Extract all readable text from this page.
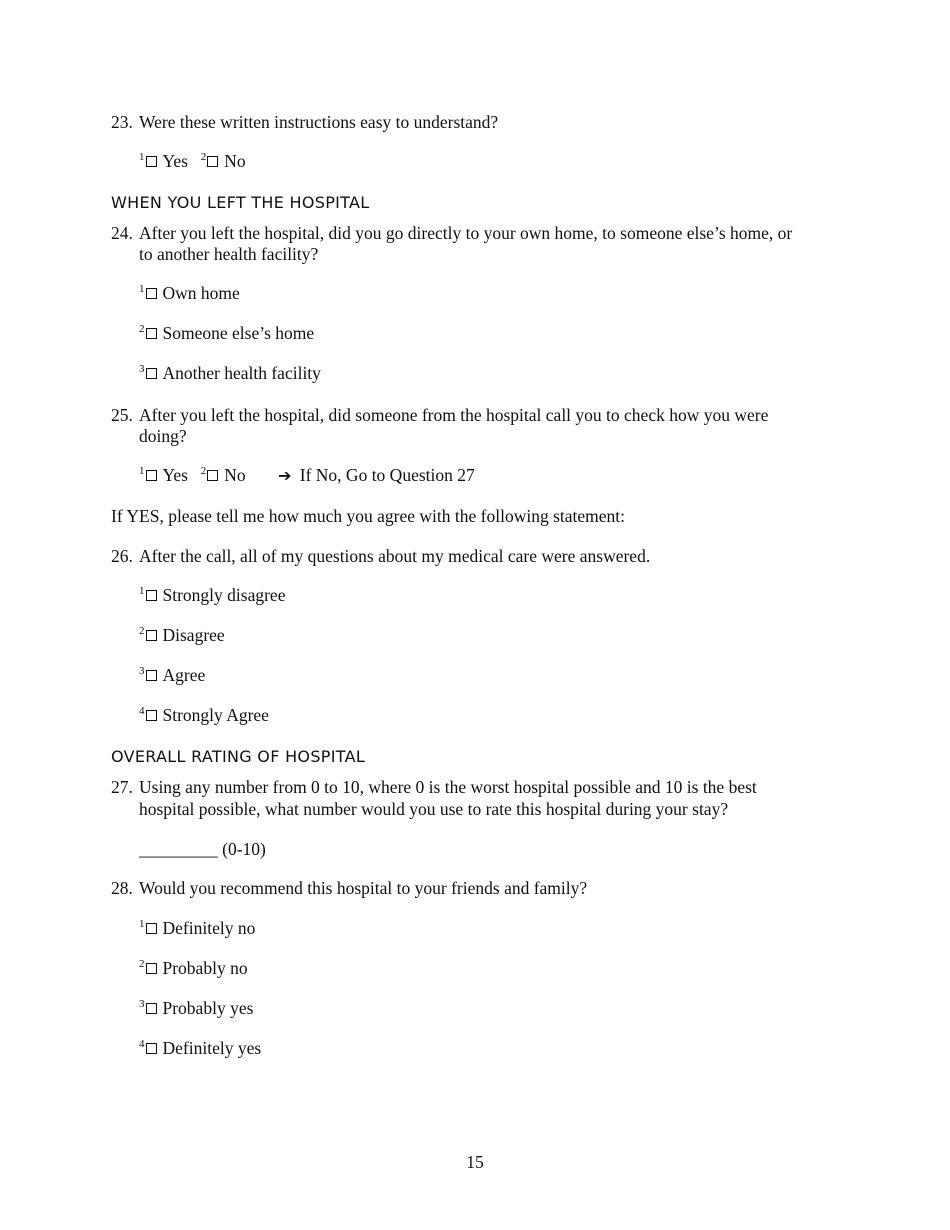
23. Were these written instructions easy to understand?
1 Yes
2 No
WHEN YOU LEFT THE HOSPITAL
24. After you left the hospital, did you go directly to your own home, to someone else’s home, or
to another health facility?
1 Own home
2 Someone else’s home
3 Another health facility
25. After you left the hospital, did someone from the hospital call you to check how you were
doing?
1 Yes
2 No ➔ If No, Go to Question 27
If YES, please tell me how much you agree with the following statement:
26. After the call, all of my questions about my medical care were answered.
1 Strongly disagree
2 Disagree
3 Agree
4 Strongly Agree
OVERALL RATING OF HOSPITAL
27. Using any number from 0 to 10, where 0 is the worst hospital possible and 10 is the best
hospital possible, what number would you use to rate this hospital during your stay?
_________ (0-10)
28. Would you recommend this hospital to your friends and family?
1 Definitely no
2 Probably no
3 Probably yes
4 Definitely yes
15
